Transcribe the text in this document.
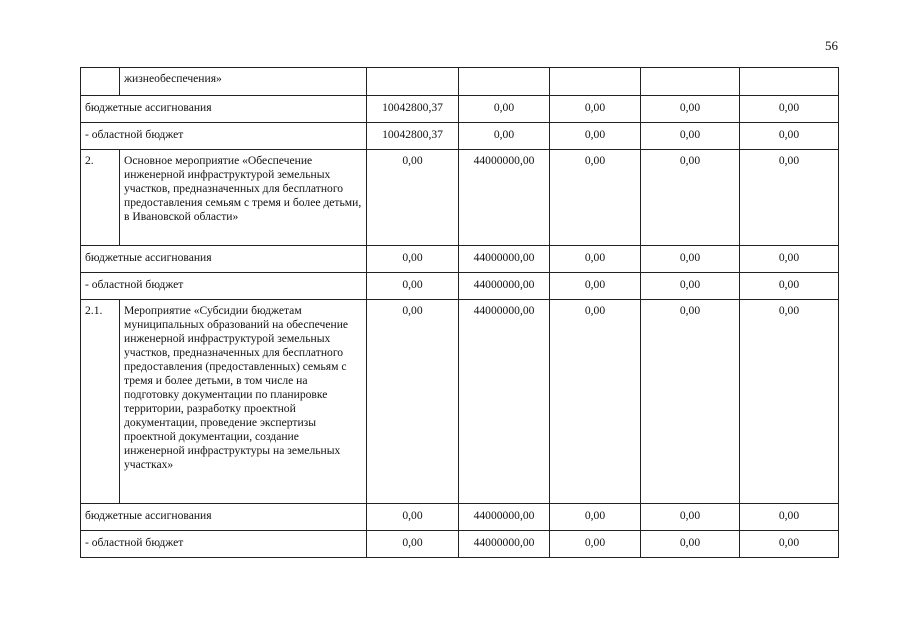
56
	жизнеобеспечения»					
бюджетные ассигнования		10042800,37	0,00	0,00	0,00	0,00
- областной бюджет		10042800,37	0,00	0,00	0,00	0,00
2.	Основное мероприятие «Обеспечение инженерной инфраструктурой земельных участков, предназначенных для бесплатного предоставления семьям с тремя и более детьми, в Ивановской области»	0,00	44000000,00	0,00	0,00	0,00
бюджетные ассигнования		0,00	44000000,00	0,00	0,00	0,00
- областной бюджет		0,00	44000000,00	0,00	0,00	0,00
2.1.	Мероприятие «Субсидии бюджетам муниципальных образований на обеспечение инженерной инфраструктурой земельных участков, предназначенных для бесплатного предоставления (предоставленных) семьям с тремя и более детьми, в том числе на подготовку документации по планировке территории, разработку проектной документации, проведение экспертизы проектной документации, создание инженерной инфраструктуры на земельных участках»	0,00	44000000,00	0,00	0,00	0,00
бюджетные ассигнования		0,00	44000000,00	0,00	0,00	0,00
- областной бюджет		0,00	44000000,00	0,00	0,00	0,00
